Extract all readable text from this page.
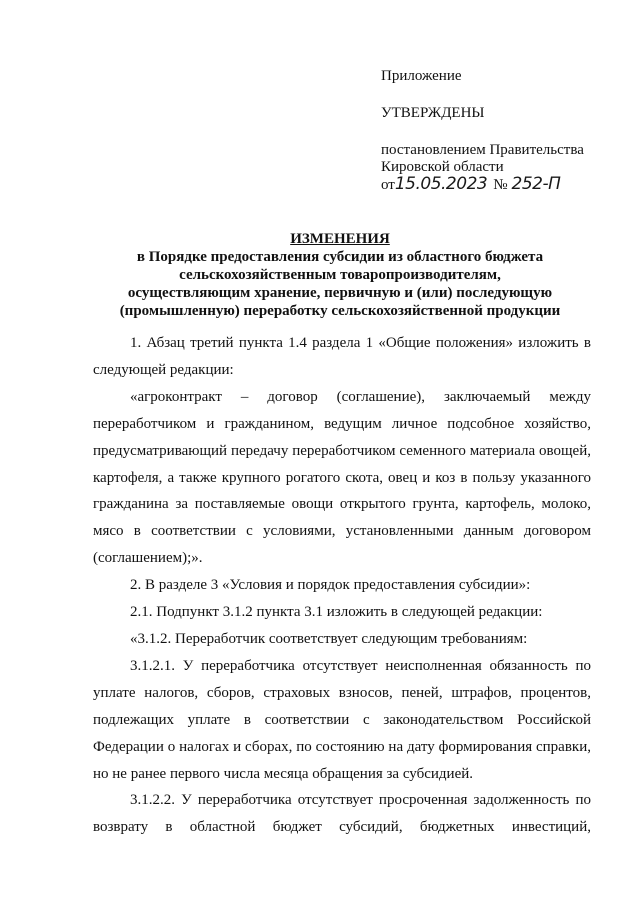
Приложение
УТВЕРЖДЕНЫ
постановлением Правительства
Кировской области
от15.05.2023 № 252-П
ИЗМЕНЕНИЯ
в Порядке предоставления субсидии из областного бюджета
сельскохозяйственным товаропроизводителям,
осуществляющим хранение, первичную и (или) последующую
(промышленную) переработку сельскохозяйственной продукции

1. Абзац третий пункта 1.4 раздела 1 «Общие положения» изложить в следующей редакции:

«агроконтракт – договор (соглашение), заключаемый между переработчиком и гражданином, ведущим личное подсобное хозяйство, предусматривающий передачу переработчиком семенного материала овощей, картофеля, а также крупного рогатого скота, овец и коз в пользу указанного гражданина за поставляемые овощи открытого грунта, картофель, молоко, мясо в соответствии с условиями, установленными данным договором (соглашением);».

2. В разделе 3 «Условия и порядок предоставления субсидии»:

2.1. Подпункт 3.1.2 пункта 3.1 изложить в следующей редакции:

«3.1.2. Переработчик соответствует следующим требованиям:

3.1.2.1. У переработчика отсутствует неисполненная обязанность по уплате налогов, сборов, страховых взносов, пеней, штрафов, процентов, подлежащих уплате в соответствии с законодательством Российской Федерации о налогах и сборах, по состоянию на дату формирования справки, но не ранее первого числа месяца обращения за субсидией.

3.1.2.2. У переработчика отсутствует просроченная задолженность по возврату в областной бюджет субсидий, бюджетных инвестиций,
